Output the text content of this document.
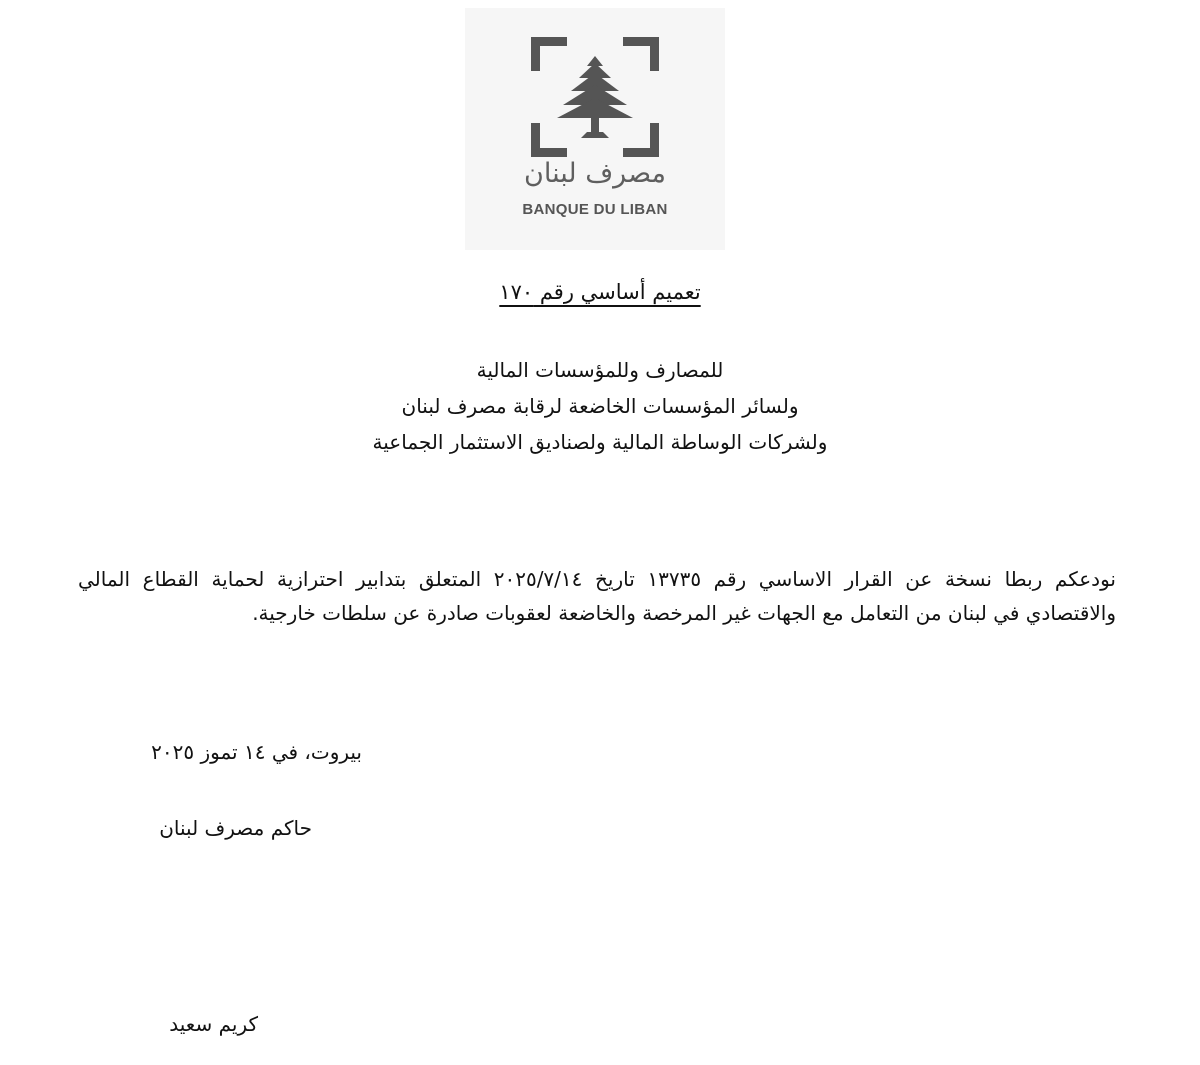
مصرف لبنان
BANQUE DU LIBAN
تعميم أساسي رقم ١٧٠
للمصارف وللمؤسسات المالية
ولسائر المؤسسات الخاضعة لرقابة مصرف لبنان
ولشركات الوساطة المالية ولصناديق الاستثمار الجماعية
نودعكم ربطا نسخة عن القرار الاساسي رقم ١٣٧٣٥ تاريخ ٢٠٢٥/٧/١٤ المتعلق بتدابير احترازية لحماية القطاع المالي والاقتصادي في لبنان من التعامل مع الجهات غير المرخصة والخاضعة لعقوبات صادرة عن سلطات خارجية.
بيروت، في ١٤ تموز ٢٠٢٥
حاكم مصرف لبنان
كريم سعيد
